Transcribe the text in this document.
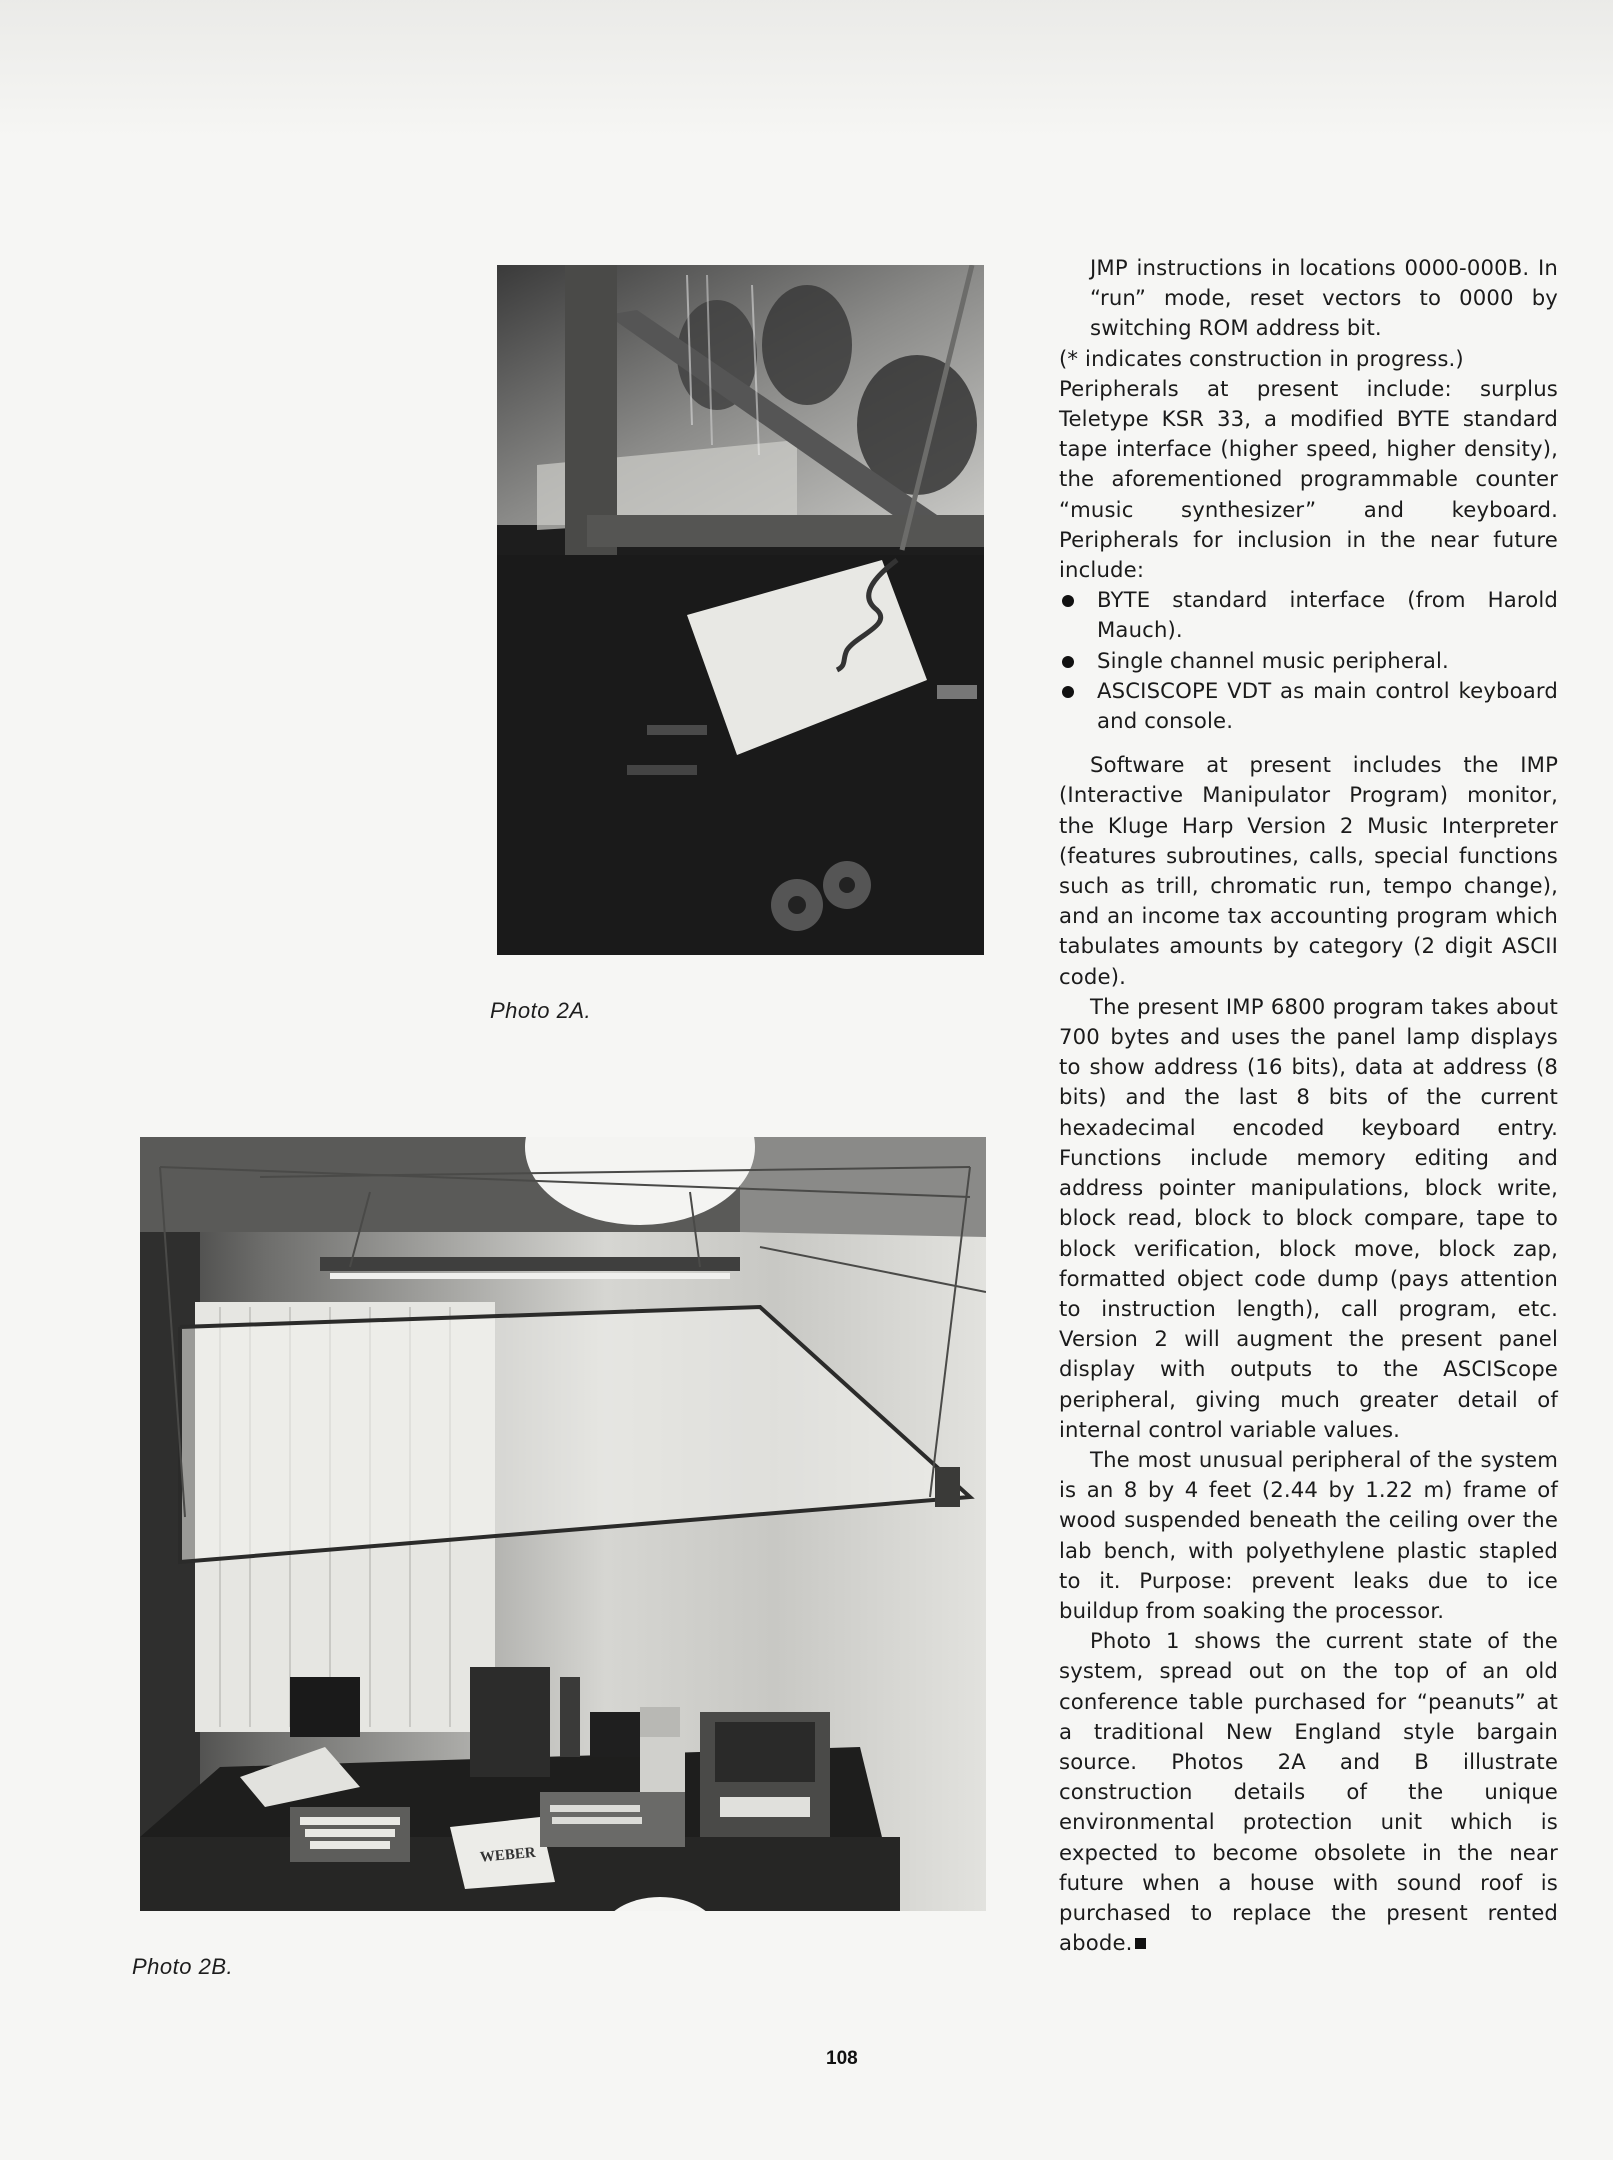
Photo 2A.
WEBER
Photo 2B.

JMP instructions in locations 0000-000B. In “run” mode, reset vectors to 0000 by switching ROM address bit.

(* indicates construction in progress.)

Peripherals at present include: surplus Teletype KSR 33, a modified BYTE standard tape interface (higher speed, higher density), the aforementioned programmable counter “music synthesizer” and keyboard. Peripherals for inclusion in the near future include:

BYTE standard interface (from Harold Mauch).
Single channel music peripheral.
ASCISCOPE VDT as main control keyboard and console.

Software at present includes the IMP (Interactive Manipulator Program) monitor, the Kluge Harp Version 2 Music Interpreter (features subroutines, calls, special functions such as trill, chromatic run, tempo change), and an income tax accounting program which tabulates amounts by category (2 digit ASCII code).

The present IMP 6800 program takes about 700 bytes and uses the panel lamp displays to show address (16 bits), data at address (8 bits) and the last 8 bits of the current hexadecimal encoded keyboard entry. Functions include memory editing and address pointer manipulations, block write, block read, block to block compare, tape to block verification, block move, block zap, formatted object code dump (pays attention to instruction length), call program, etc. Version 2 will augment the present panel display with outputs to the ASCIScope peripheral, giving much greater detail of internal control variable values.

The most unusual peripheral of the system is an 8 by 4 feet (2.44 by 1.22 m) frame of wood suspended beneath the ceiling over the lab bench, with polyethylene plastic stapled to it. Purpose: prevent leaks due to ice buildup from soaking the processor.

Photo 1 shows the current state of the system, spread out on the top of an old conference table purchased for “peanuts” at a traditional New England style bargain source. Photos 2A and B illustrate construction details of the unique environmental protection unit which is expected to become obsolete in the near future when a house with sound roof is purchased to replace the present rented abode.

108
